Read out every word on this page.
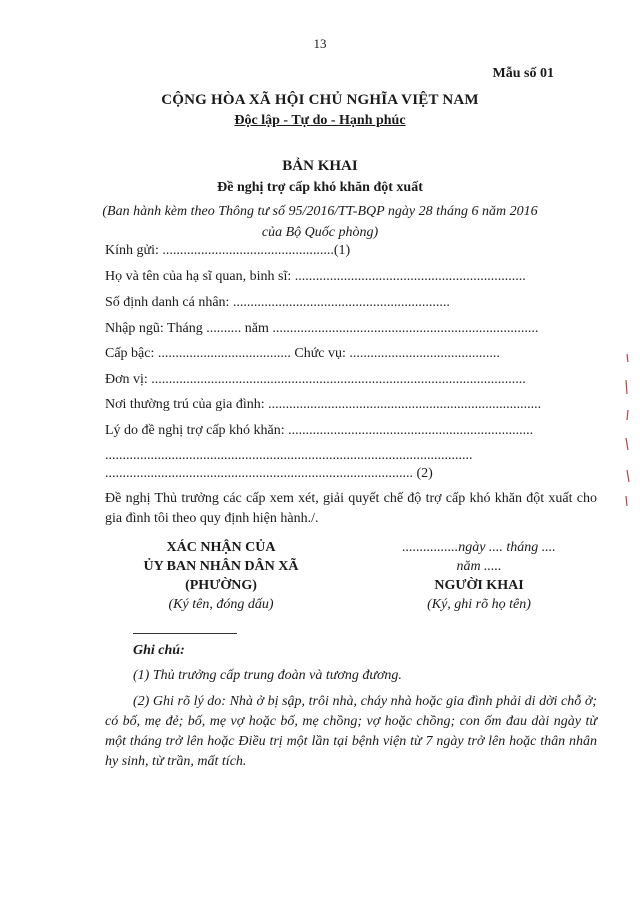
13
Mẫu số 01
CỘNG HÒA XÃ HỘI CHỦ NGHĨA VIỆT NAM
Độc lập - Tự do - Hạnh phúc
BẢN KHAI
Đề nghị trợ cấp khó khăn đột xuất
(Ban hành kèm theo Thông tư số 95/2016/TT-BQP ngày 28 tháng 6 năm 2016
của Bộ Quốc phòng)
Kính gửi: .................................................(1)
Họ và tên của hạ sĩ quan, binh sĩ: ..................................................................
Số định danh cá nhân: ..............................................................
Nhập ngũ: Tháng .......... năm ............................................................................
Cấp bậc: ...................................... Chức vụ: ...........................................
Đơn vị: ...........................................................................................................
Nơi thường trú của gia đình: ..............................................................................
Lý do đề nghị trợ cấp khó khăn: ......................................................................
.........................................................................................................
........................................................................................ (2)
Đề nghị Thủ trưởng các cấp xem xét, giải quyết chế độ trợ cấp khó khăn đột xuất cho gia đình tôi theo quy định hiện hành./.
XÁC NHẬN CỦA
ỦY BAN NHÂN DÂN XÃ
(PHƯỜNG)
(Ký tên, đóng dấu)
................ngày .... tháng ....
năm .....
NGƯỜI KHAI
(Ký, ghi rõ họ tên)
Ghi chú:
(1) Thủ trưởng cấp trung đoàn và tương đương.
(2) Ghi rõ lý do: Nhà ở bị sập, trôi nhà, cháy nhà hoặc gia đình phải di dời chỗ ở; có bố, mẹ đẻ; bố, mẹ vợ hoặc bố, mẹ chồng; vợ hoặc chồng; con ốm đau dài ngày từ một tháng trở lên hoặc Điều trị một lần tại bệnh viện từ 7 ngày trở lên hoặc thân nhân hy sinh, từ trần, mất tích.
